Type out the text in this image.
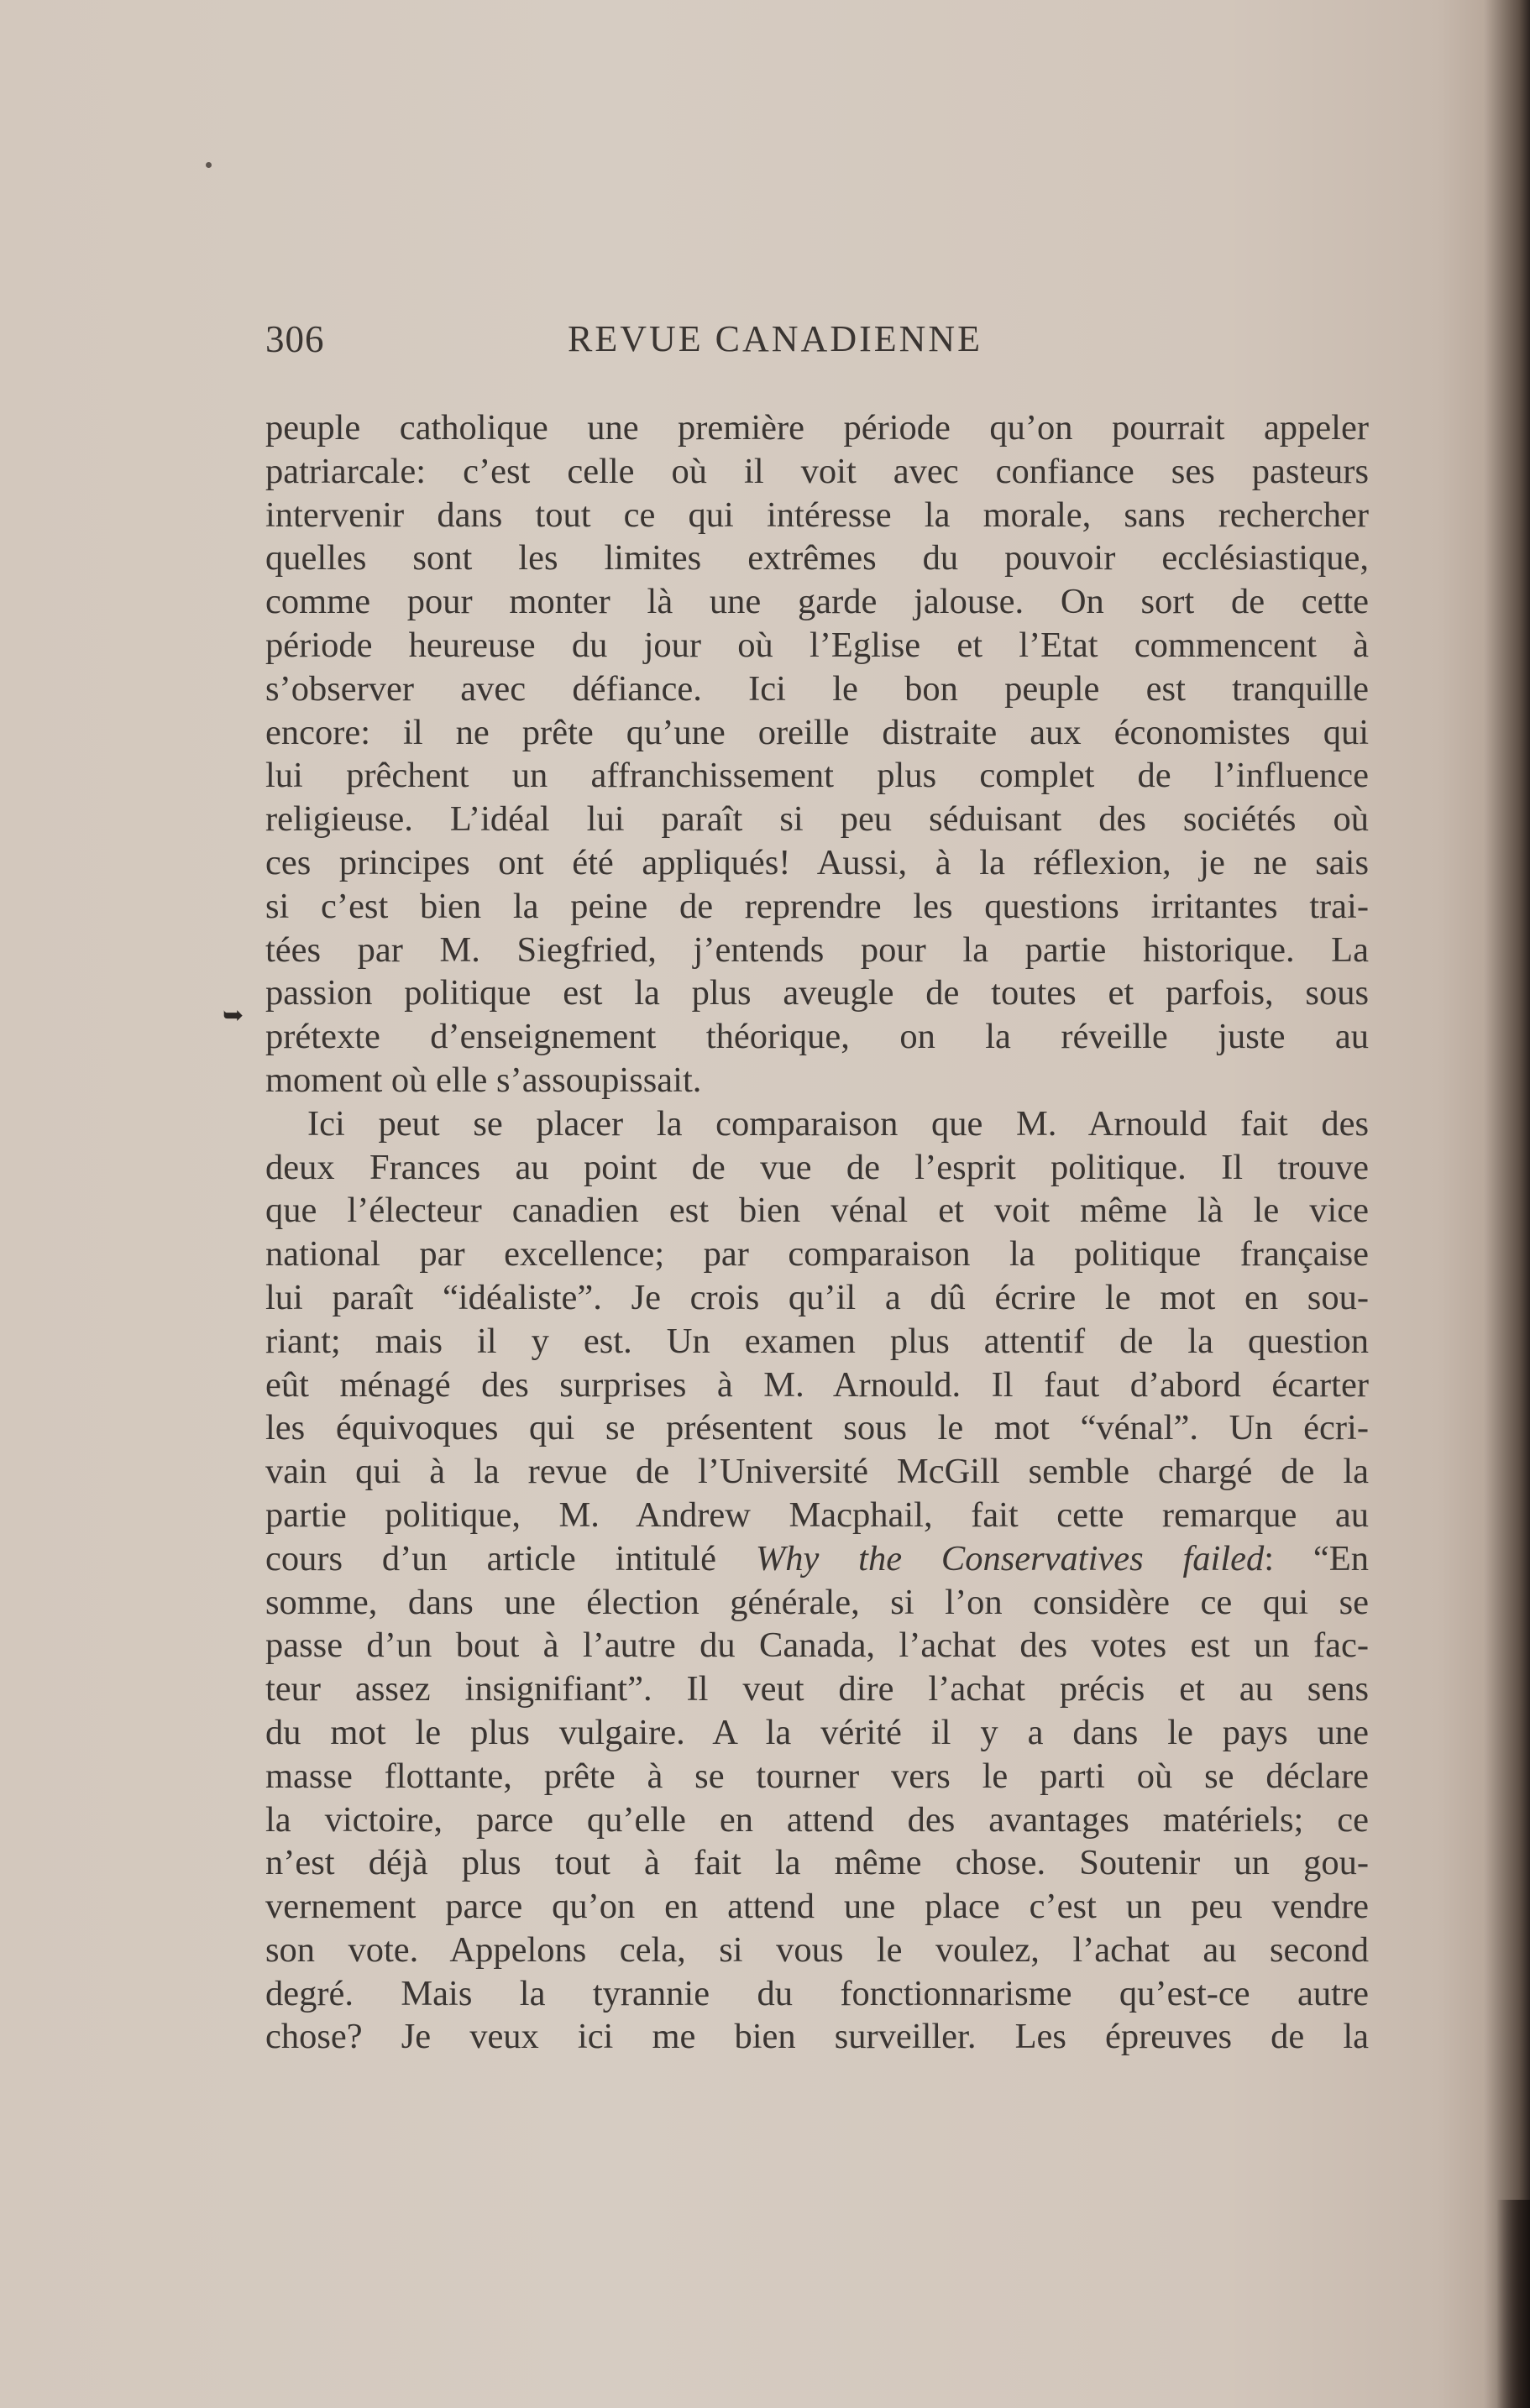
306	REVUE CANADIENNE
➥
peuple catholique une première période qu’on pourrait appeler
patriarcale: c’est celle où il voit avec confiance ses pasteurs
intervenir dans tout ce qui intéresse la morale, sans rechercher
quelles sont les limites extrêmes du pouvoir ecclésiastique,
comme pour monter là une garde jalouse. On sort de cette
période heureuse du jour où l’Eglise et l’Etat commencent à
s’observer avec défiance. Ici le bon peuple est tranquille
encore: il ne prête qu’une oreille distraite aux économistes qui
lui prêchent un affranchissement plus complet de l’influence
religieuse. L’idéal lui paraît si peu séduisant des sociétés où
ces principes ont été appliqués! Aussi, à la réflexion, je ne sais
si c’est bien la peine de reprendre les questions irritantes trai-
tées par M. Siegfried, j’entends pour la partie historique. La
passion politique est la plus aveugle de toutes et parfois, sous
prétexte d’enseignement théorique, on la réveille juste au
moment où elle s’assoupissait.
Ici peut se placer la comparaison que M. Arnould fait des
deux Frances au point de vue de l’esprit politique. Il trouve
que l’électeur canadien est bien vénal et voit même là le vice
national par excellence; par comparaison la politique française
lui paraît “idéaliste”. Je crois qu’il a dû écrire le mot en sou-
riant; mais il y est. Un examen plus attentif de la question
eût ménagé des surprises à M. Arnould. Il faut d’abord écarter
les équivoques qui se présentent sous le mot “vénal”. Un écri-
vain qui à la revue de l’Université McGill semble chargé de la
partie politique, M. Andrew Macphail, fait cette remarque au
cours d’un article intitulé Why the Conservatives failed: “En
somme, dans une élection générale, si l’on considère ce qui se
passe d’un bout à l’autre du Canada, l’achat des votes est un fac-
teur assez insignifiant”. Il veut dire l’achat précis et au sens
du mot le plus vulgaire. A la vérité il y a dans le pays une
masse flottante, prête à se tourner vers le parti où se déclare
la victoire, parce qu’elle en attend des avantages matériels; ce
n’est déjà plus tout à fait la même chose. Soutenir un gou-
vernement parce qu’on en attend une place c’est un peu vendre
son vote. Appelons cela, si vous le voulez, l’achat au second
degré. Mais la tyrannie du fonctionnarisme qu’est-ce autre
chose? Je veux ici me bien surveiller. Les épreuves de la
